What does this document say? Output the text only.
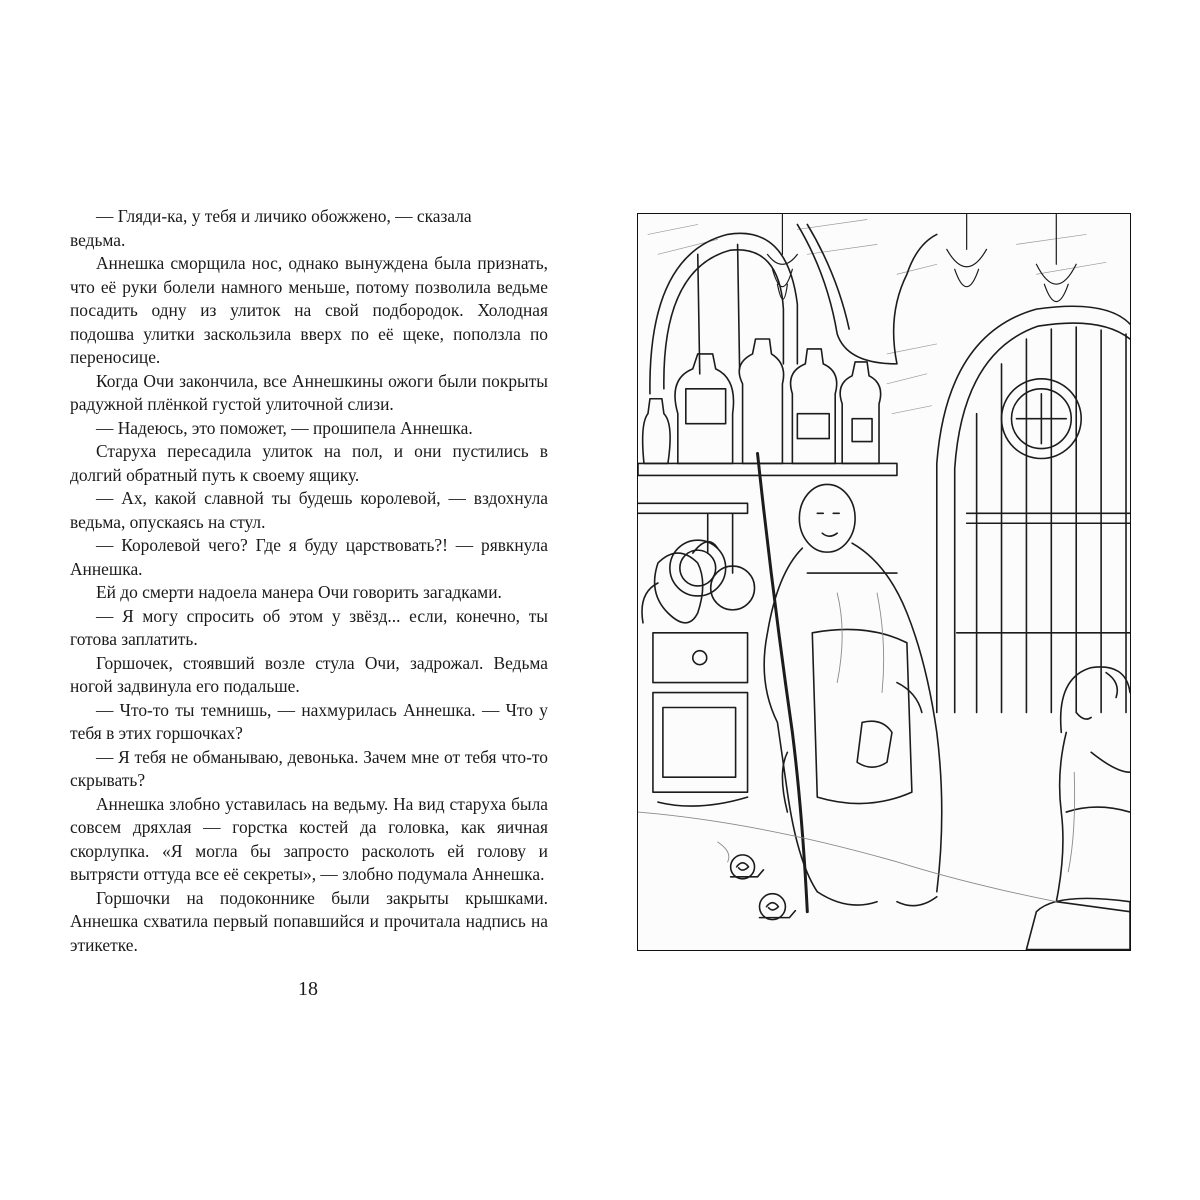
— Гляди-ка, у тебя и личико обожжено, — сказала

ведьма.

Аннешка сморщила нос, однако вынуждена была признать, что её руки болели намного меньше, потому позволила ведьме посадить одну из улиток на свой подбородок. Холодная подошва улитки заскользила вверх по её щеке, поползла по переносице.

Когда Очи закончила, все Аннешкины ожоги были покрыты радужной плёнкой густой улиточной слизи.

— Надеюсь, это поможет, — прошипела Аннешка.

Старуха пересадила улиток на пол, и они пустились в долгий обратный путь к своему ящику.

— Ах, какой славной ты будешь королевой, — вздохнула ведьма, опускаясь на стул.

— Королевой чего? Где я буду царствовать?! — рявкнула Аннешка.

Ей до смерти надоела манера Очи говорить загадками.

— Я могу спросить об этом у звёзд... если, конечно, ты готова заплатить.

Горшочек, стоявший возле стула Очи, задрожал. Ведьма ногой задвинула его подальше.

— Что-то ты темнишь, — нахмурилась Аннешка. — Что у тебя в этих горшочках?

— Я тебя не обманываю, девонька. Зачем мне от тебя что-то скрывать?

Аннешка злобно уставилась на ведьму. На вид старуха была совсем дряхлая — горстка костей да головка, как яичная скорлупка. «Я могла бы запросто расколоть ей голову и вытрясти оттуда все её секреты», — злобно подумала Аннешка.

Горшочки на подоконнике были закрыты крышками. Аннешка схватила первый попавшийся и прочитала надпись на этикетке.

18
